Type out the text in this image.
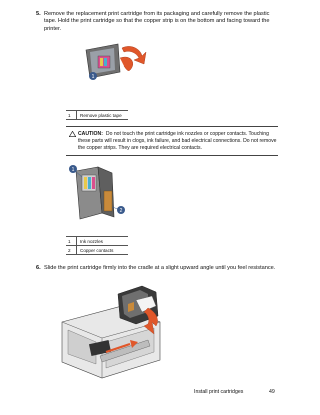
5. Remove the replacement print cartridge from its packaging and carefully remove the plastic tape. Hold the print cartridge so that the copper strip is on the bottom and facing toward the printer.
1
1	Remove plastic tape
CAUTION: Do not touch the print cartridge ink nozzles or copper contacts. Touching these parts will result in clogs, ink failure, and bad electrical connections. Do not remove the copper strips. They are required electrical contacts.
1
2
1	Ink nozzles
2	Copper contacts
6. Slide the print cartridge firmly into the cradle at a slight upward angle until you feel resistance.
Install print cartridges	49
